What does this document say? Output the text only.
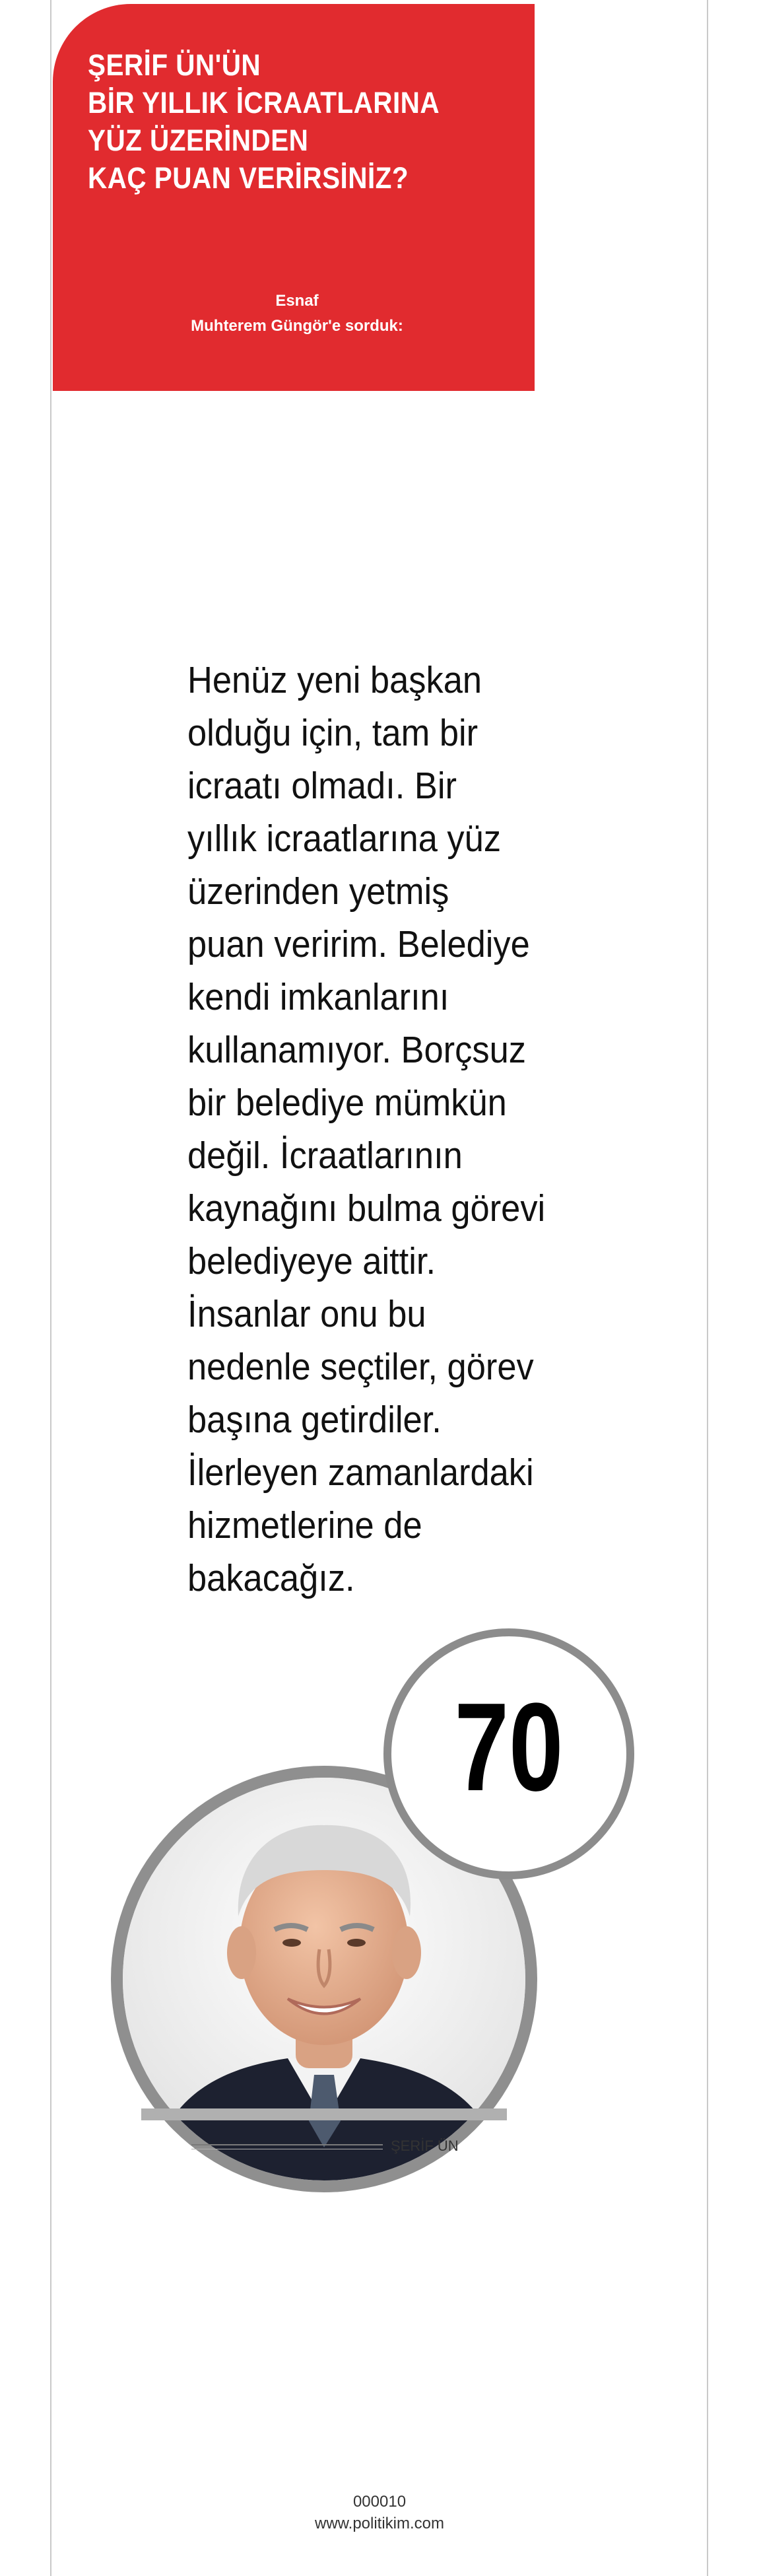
ŞERİF ÜN'ÜN
BİR YILLIK İCRAATLARINA
YÜZ ÜZERİNDEN
KAÇ PUAN VERİRSİNİZ?
Esnaf
Muhterem Güngör'e sorduk:

Henüz yeni başkan
olduğu için, tam bir
icraatı olmadı. Bir
yıllık icraatlarına yüz
üzerinden yetmiş
puan veririm. Belediye
kendi imkanlarını
kullanamıyor. Borçsuz
bir belediye mümkün
değil. İcraatlarının
kaynağını bulma görevi
belediyeye aittir.
İnsanlar onu bu
nedenle seçtiler, görev
başına getirdiler.
İlerleyen zamanlardaki
hizmetlerine de
bakacağız.

70
ŞERİF ÜN
000010
www.politikim.com
